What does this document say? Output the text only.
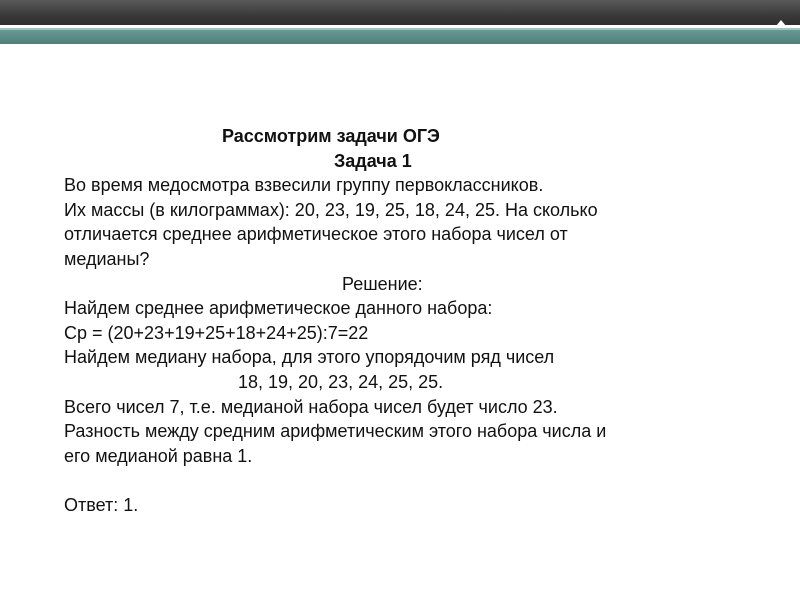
Рассмотрим задачи ОГЭ
Задача 1
Во время медосмотра взвесили группу первоклассников.
Их массы (в килограммах): 20, 23, 19, 25, 18, 24, 25. На сколько
отличается среднее арифметическое этого набора чисел от
медианы?
Решение:
Найдем среднее арифметическое данного набора:
Ср = (20+23+19+25+18+24+25):7=22
Найдем медиану набора, для этого упорядочим ряд чисел
18, 19, 20, 23, 24, 25, 25.
Всего чисел 7, т.е. медианой набора чисел будет число 23.
Разность между средним арифметическим этого набора числа и
его медианой равна 1.
Ответ: 1.
